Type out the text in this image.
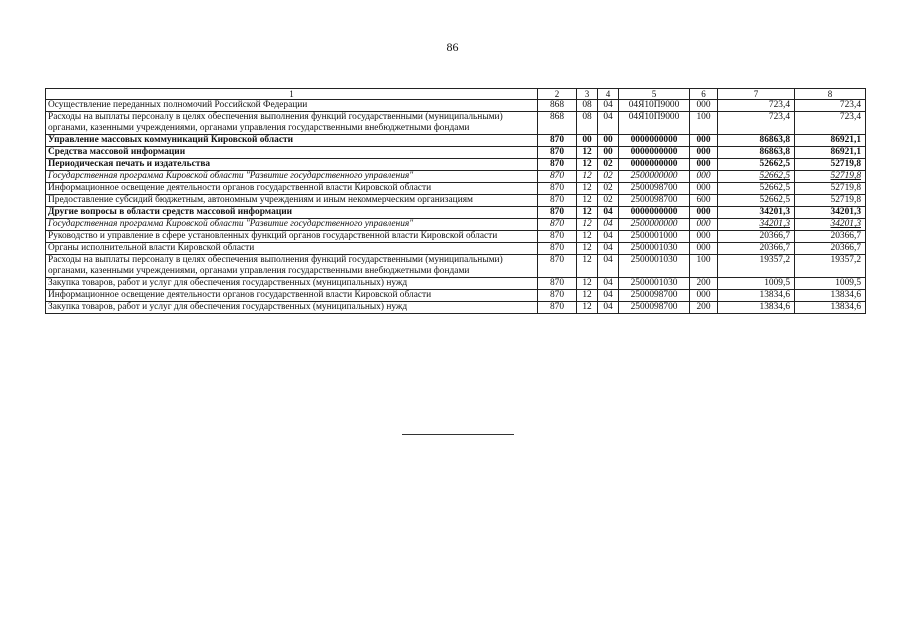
86
1	2	3	4	5	6	7	8
Осуществление переданных полномочий Российской Федерации	868	08	04	04Я10П9000	000	723,4	723,4
Расходы на выплаты персоналу в целях обеспечения выполнения функций государственными (муниципальными) органами, казенными учреждениями, органами управления государственными внебюджетными фондами	868	08	04	04Я10П9000	100	723,4	723,4
Управление массовых коммуникаций Кировской области	870	00	00	0000000000	000	86863,8	86921,1
Средства массовой информации	870	12	00	0000000000	000	86863,8	86921,1
Периодическая печать и издательства	870	12	02	0000000000	000	52662,5	52719,8
Государственная программа Кировской области "Развитие государственного управления"	870	12	02	2500000000	000	52662,5	52719,8
Информационное освещение деятельности органов государственной власти Кировской области	870	12	02	2500098700	000	52662,5	52719,8
Предоставление субсидий бюджетным, автономным учреждениям и иным некоммерческим организациям	870	12	02	2500098700	600	52662,5	52719,8
Другие вопросы в области средств массовой информации	870	12	04	0000000000	000	34201,3	34201,3
Государственная программа Кировской области "Развитие государственного управления"	870	12	04	2500000000	000	34201,3	34201,3
Руководство и управление в сфере установленных функций органов государственной власти Кировской области	870	12	04	2500001000	000	20366,7	20366,7
Органы исполнительной власти Кировской области	870	12	04	2500001030	000	20366,7	20366,7
Расходы на выплаты персоналу в целях обеспечения выполнения функций государственными (муниципальными) органами, казенными учреждениями, органами управления государственными внебюджетными фондами	870	12	04	2500001030	100	19357,2	19357,2
Закупка товаров, работ и услуг для обеспечения государственных (муниципальных) нужд	870	12	04	2500001030	200	1009,5	1009,5
Информационное освещение деятельности органов государственной власти Кировской области	870	12	04	2500098700	000	13834,6	13834,6
Закупка товаров, работ и услуг для обеспечения государственных (муниципальных) нужд	870	12	04	2500098700	200	13834,6	13834,6
